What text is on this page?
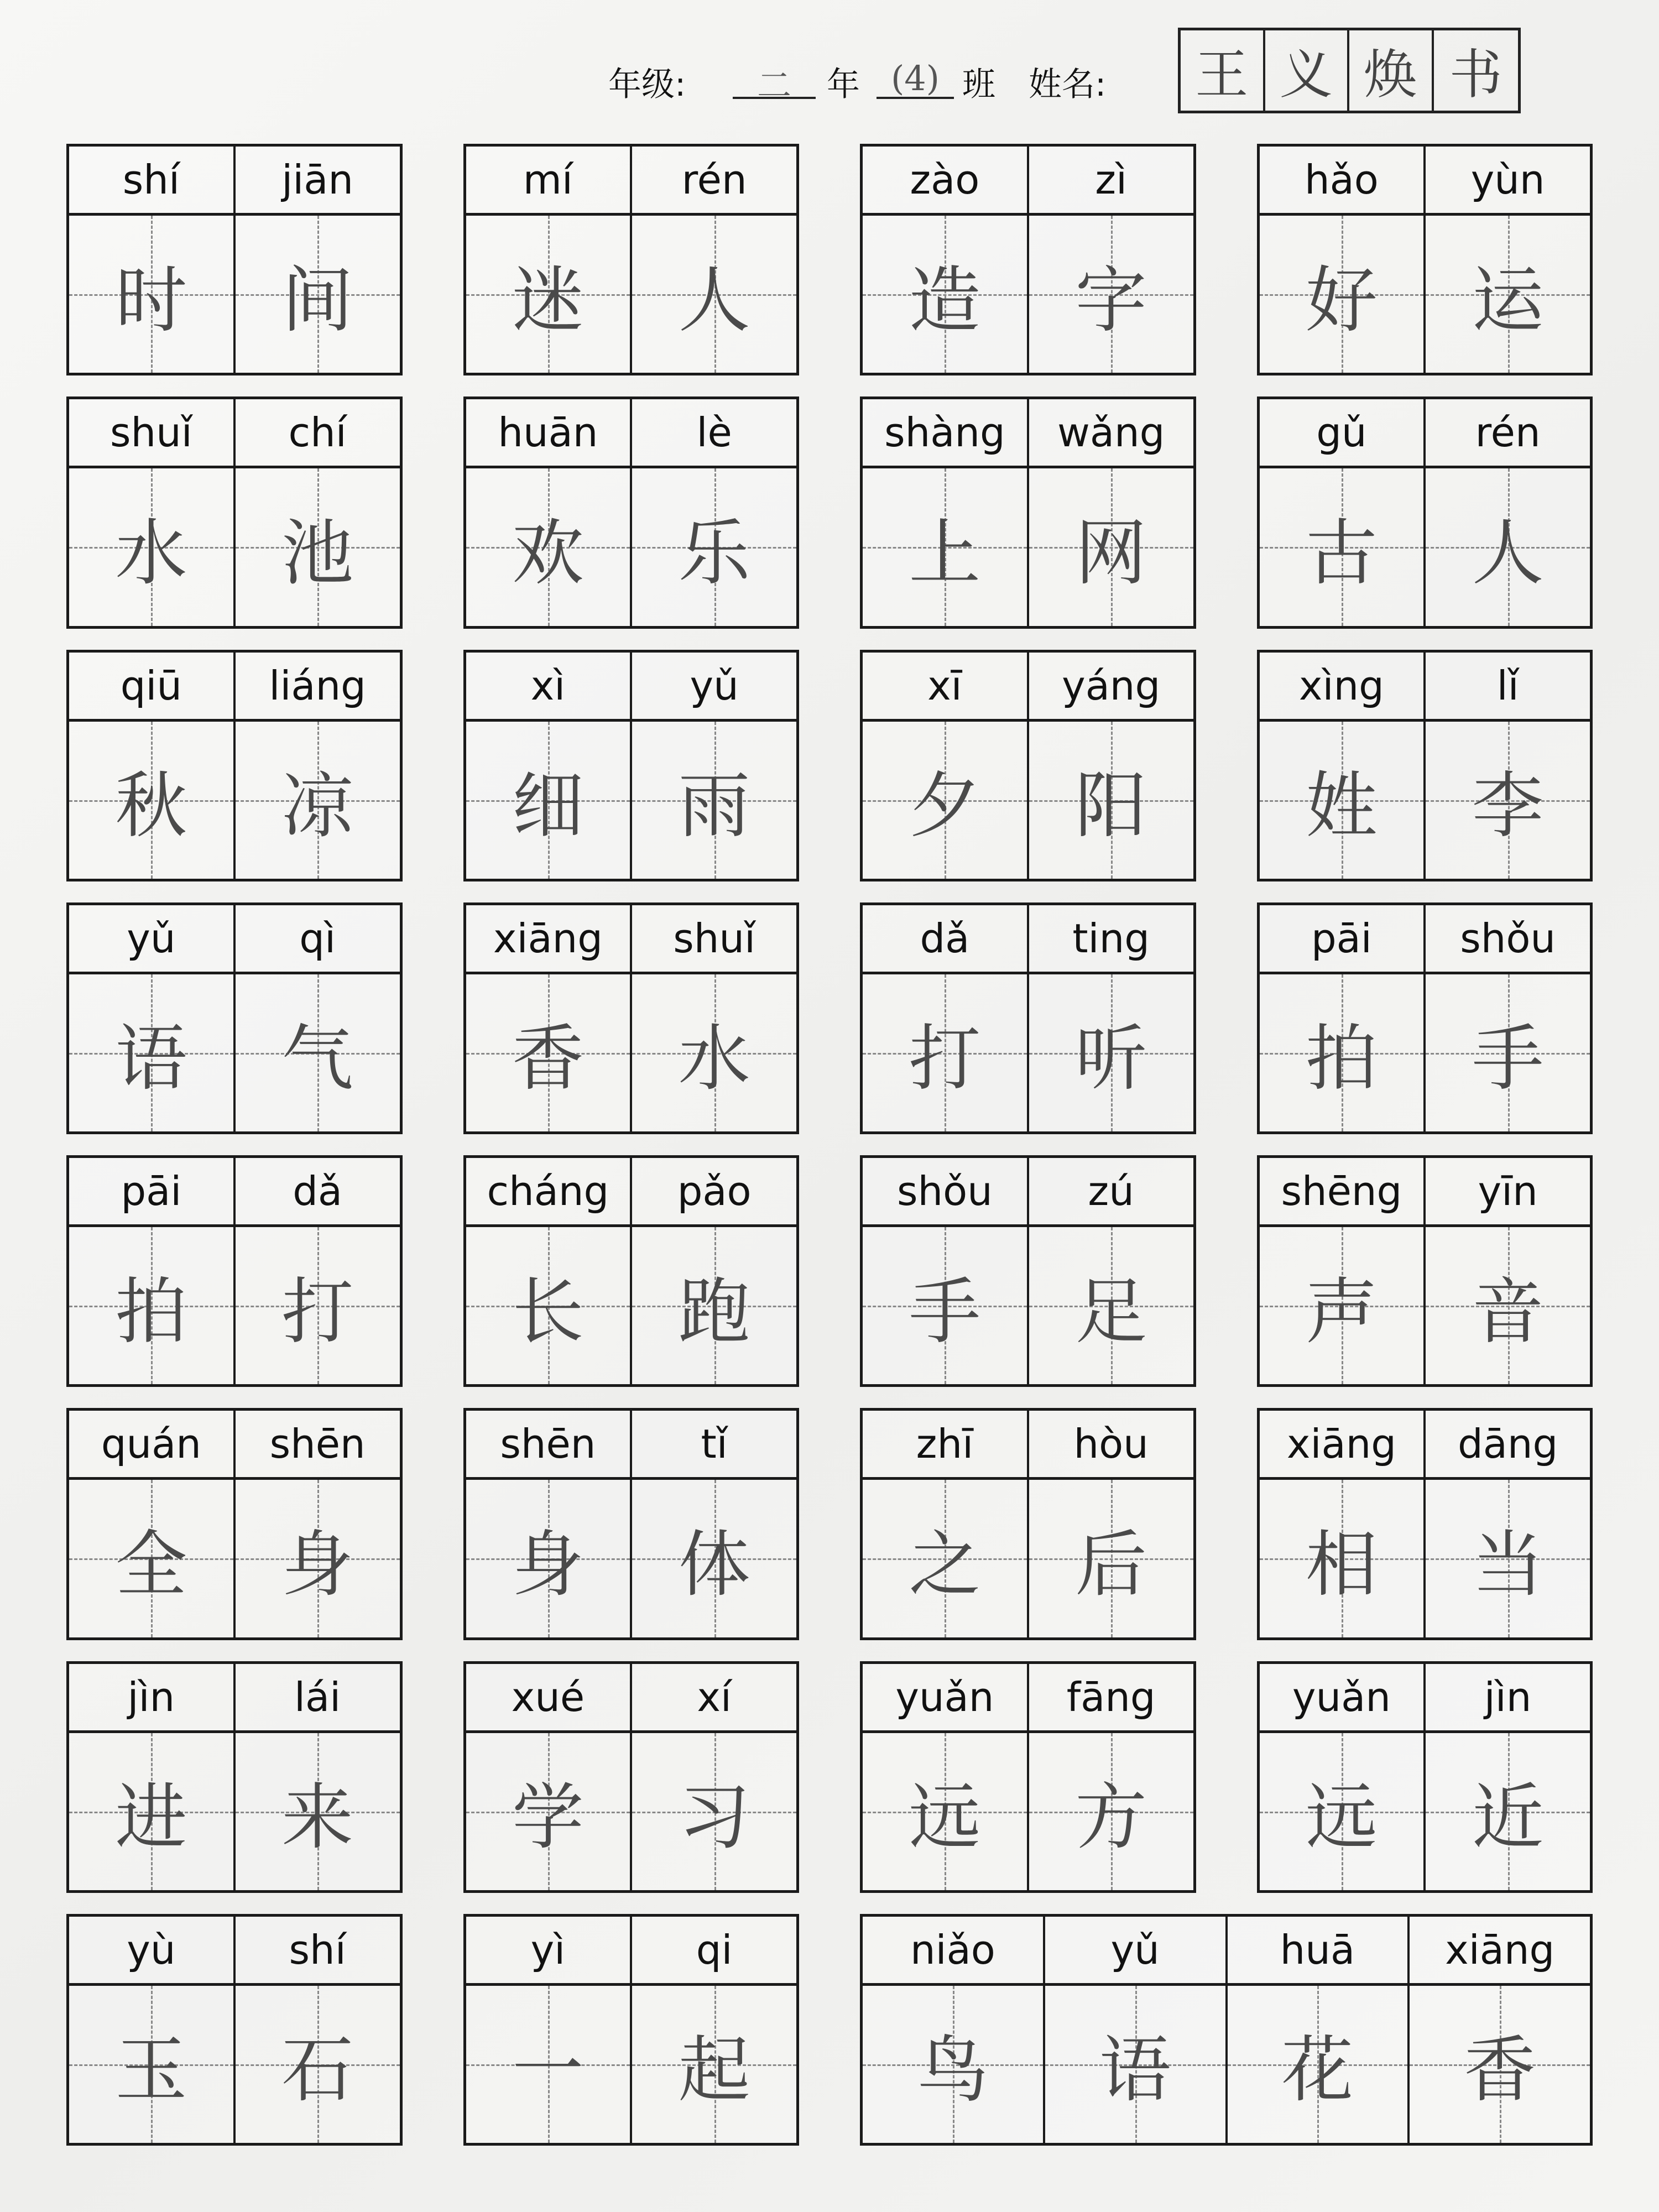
年级:	二	年 (4) 班 姓名: 王 义 焕 书
shí	jiān
时 间
mí	rén
迷 人
zào	zì
造 字
hǎo	yùn
好 运
shuǐ	chí
水 池
huān	lè
欢 乐
shàng	wǎng
上 网
gǔ	rén
古 人
qiū	liáng
秋 凉
xì	yǔ
细 雨
xī	yáng
夕 阳
xìng	lǐ
姓 李
yǔ	qì
语 气
xiāng	shuǐ
香 水
dǎ	ting
打 听
pāi	shǒu
拍 手
pāi	dǎ
拍 打
cháng	pǎo
长 跑
shǒu	zú
手 足
shēng	yīn
声 音
quán	shēn
全 身
shēn	tǐ
身 体
zhī	hòu
之 后
xiāng	dāng
相 当
jìn	lái
进 来
xué	xí
学 习
yuǎn	fāng
远 方
yuǎn	jìn
远 近
yù	shí
玉 石
yì	qi
一 起
niǎo	yǔ	huā	xiāng
鸟 语 花 香
